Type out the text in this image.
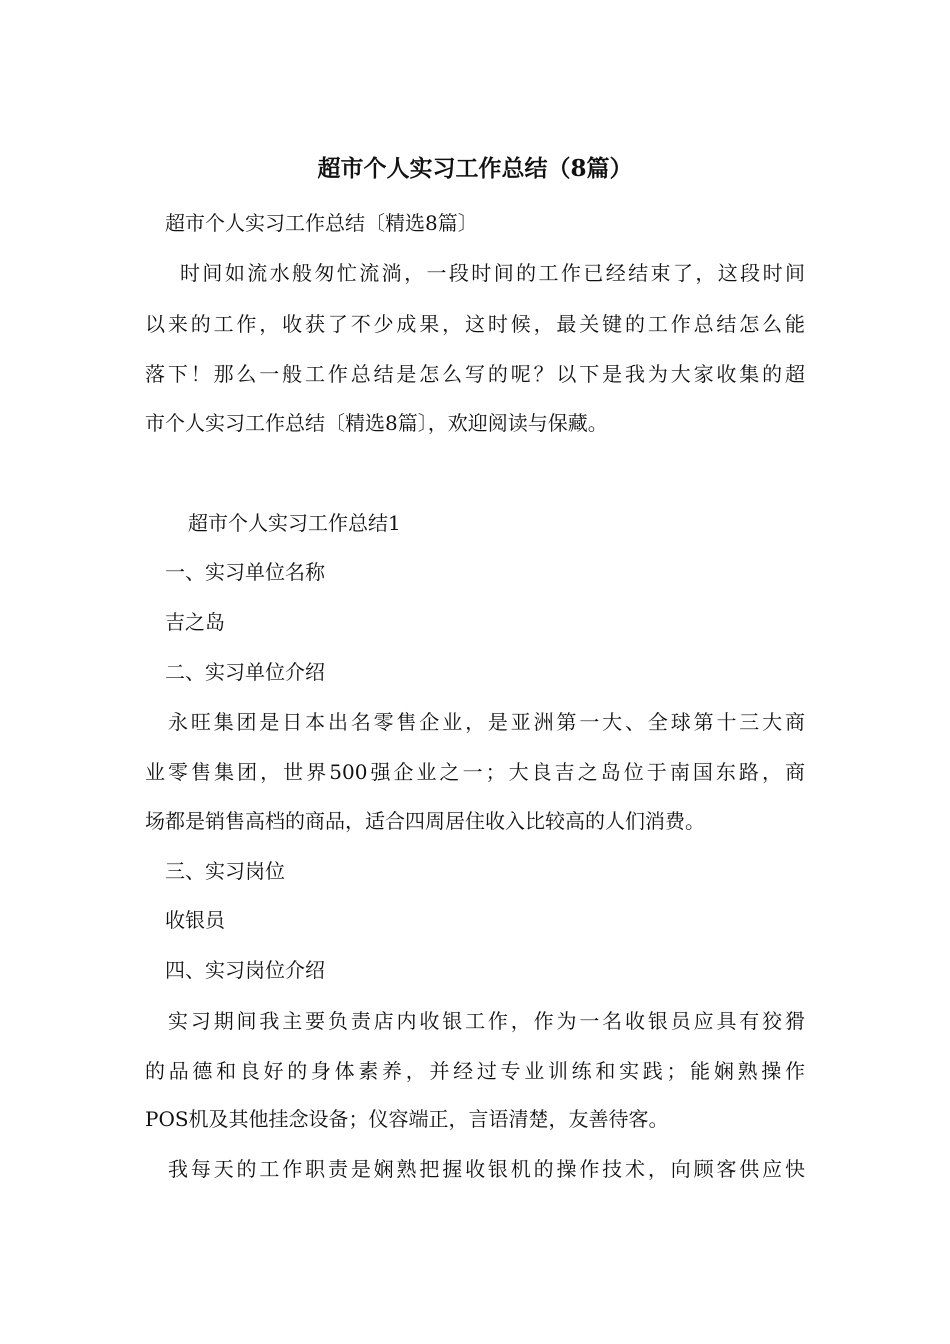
超市个人实习工作总结（8篇）
超市个人实习工作总结〔精选8篇〕
时间如流水般匆忙流淌，一段时间的工作已经结束了，这段时间
以来的工作，收获了不少成果，这时候，最关键的工作总结怎么能
落下！那么一般工作总结是怎么写的呢？以下是我为大家收集的超
市个人实习工作总结〔精选8篇〕，欢迎阅读与保藏。
超市个人实习工作总结1
一、实习单位名称
吉之岛
二、实习单位介绍
永旺集团是日本出名零售企业，是亚洲第一大、全球第十三大商
业零售集团，世界500强企业之一；大良吉之岛位于南国东路，商
场都是销售高档的商品，适合四周居住收入比较高的人们消费。
三、实习岗位
收银员
四、实习岗位介绍
实习期间我主要负责店内收银工作，作为一名收银员应具有狡猾
的品德和良好的身体素养，并经过专业训练和实践；能娴熟操作
POS机及其他挂念设备；仪容端正，言语清楚，友善待客。
我每天的工作职责是娴熟把握收银机的操作技术，向顾客供应快
